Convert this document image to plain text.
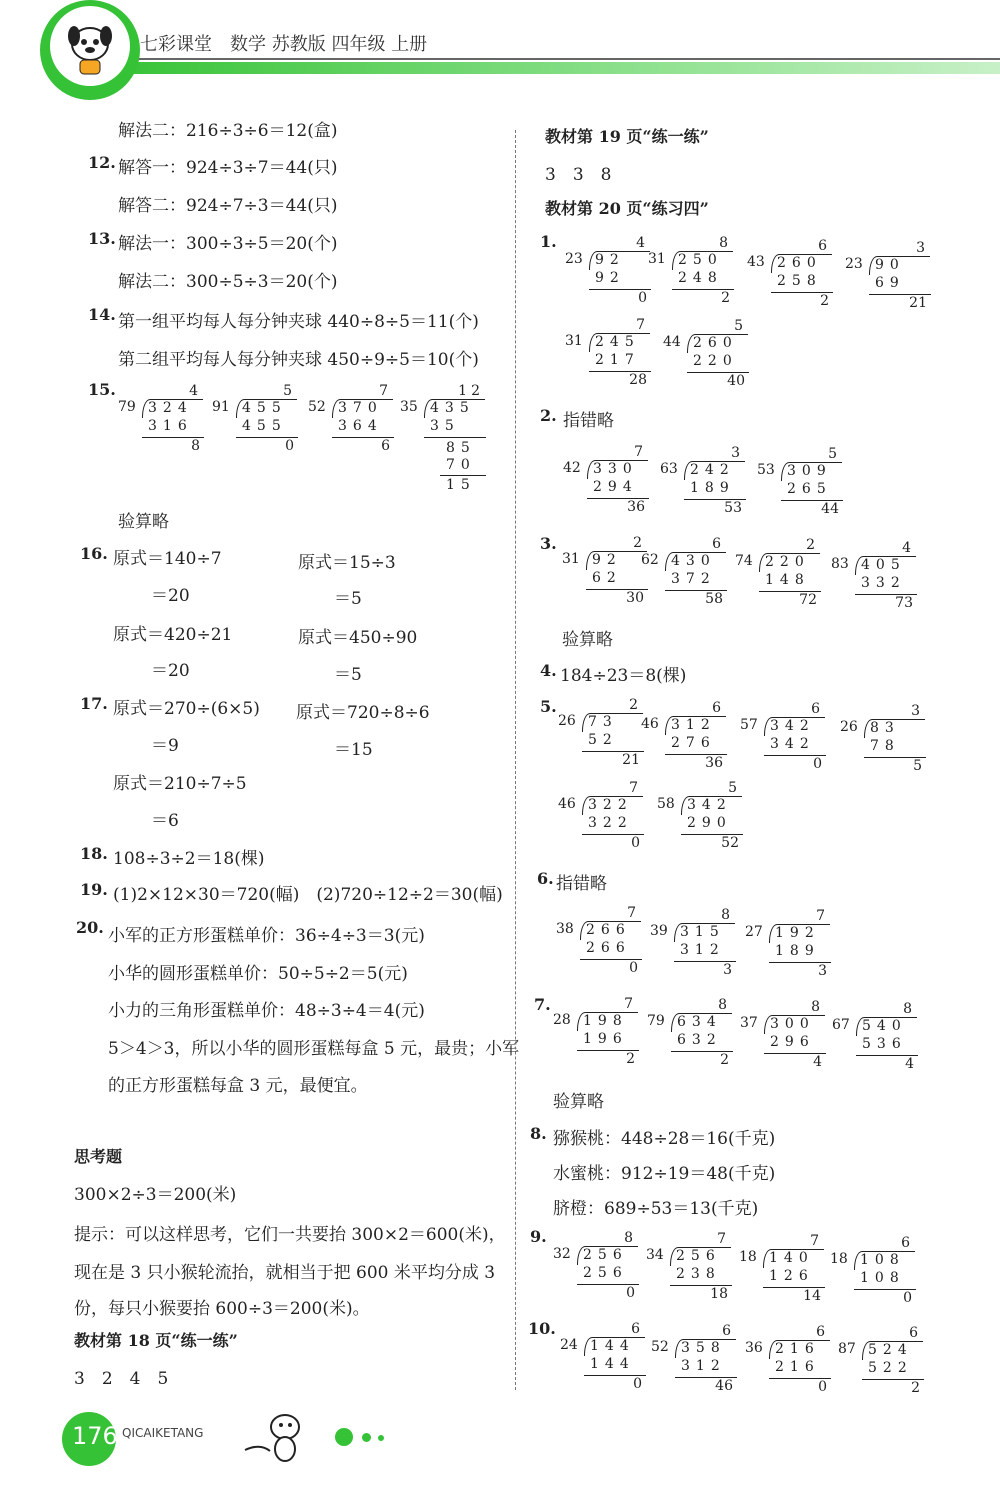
七彩课堂　数学 苏教版 四年级 上册
解法二：216÷3÷6＝12(盒)
12. 解答一：924÷3÷7＝44(只)
解答二：924÷7÷3＝44(只)
13. 解法一：300÷3÷5＝20(个)
解法二：300÷5÷3＝20(个)
14. 第一组平均每人每分钟夹球 440÷8÷5＝11(个)
第二组平均每人每分钟夹球 450÷9÷5＝10(个)
15.	4
79 324
316
8
5
91 455
455
0
7
52 370
364
6
12
35 435
35
85
70
15
验算略
16. 原式＝140÷7
＝20
原式＝15÷3
＝5
原式＝420÷21
＝20
原式＝450÷90
＝5
17. 原式＝270÷(6×5)
＝9
原式＝720÷8÷6
＝15
原式＝210÷7÷5
＝6
18. 108÷3÷2＝18(棵)
19. (1)2×12×30＝720(幅)　(2)720÷12÷2＝30(幅)
20. 小军的正方形蛋糕单价：36÷4÷3＝3(元)
小华的圆形蛋糕单价：50÷5÷2＝5(元)
小力的三角形蛋糕单价：48÷3÷4＝4(元)
5＞4＞3，所以小华的圆形蛋糕每盒 5 元，最贵；小军
的正方形蛋糕每盒 3 元，最便宜。
思考题
300×2÷3＝200(米)
提示：可以这样思考，它们一共要抬 300×2＝600(米)，
现在是 3 只小猴轮流抬，就相当于把 600 米平均分成 3
份，每只小猴要抬 600÷3＝200(米)。
教材第 18 页“练一练”
3　2　4　5
教材第 19 页“练一练”
3　3　8
教材第 20 页“练习四”
1.	4
23 92
92
0
8
31 250
248
2
6
43 260
258
2
3
23 90
69
21
7
31 245
217
28
5
44 260
220
40
2. 指错略
7
42 330
294
36
3
63 242
189
53
5
53 309
265
44
3.	2
31 92
62
30
6
62 430
372
58
2
74 220
148
72
4
83 405
332
73
验算略
4. 184÷23＝8(棵)
5.	2
26 73
52
21
6
46 312
276
36
6
57 342
342
0
3
26 83
78
5
7
46 322
322
0
5
58 342
290
52
6. 指错略
7
38 266
266
0
8
39 315
312
3
7
27 192
189
3
7.	7
28 198
196
2
8
79 634
632
2
8
37 300
296
4
8
67 540
536
4
验算略
8. 猕猴桃：448÷28＝16(千克)
水蜜桃：912÷19＝48(千克)
脐橙：689÷53＝13(千克)
9.	8
32 256
256
0
7
34 256
238
18
7
18 140
126
14
6
18 108
108
0
10.	6
24 144
144
0
6
52 358
312
46
6
36 216
216
0
6
87 524
522
2
176 QICAIKETANG
